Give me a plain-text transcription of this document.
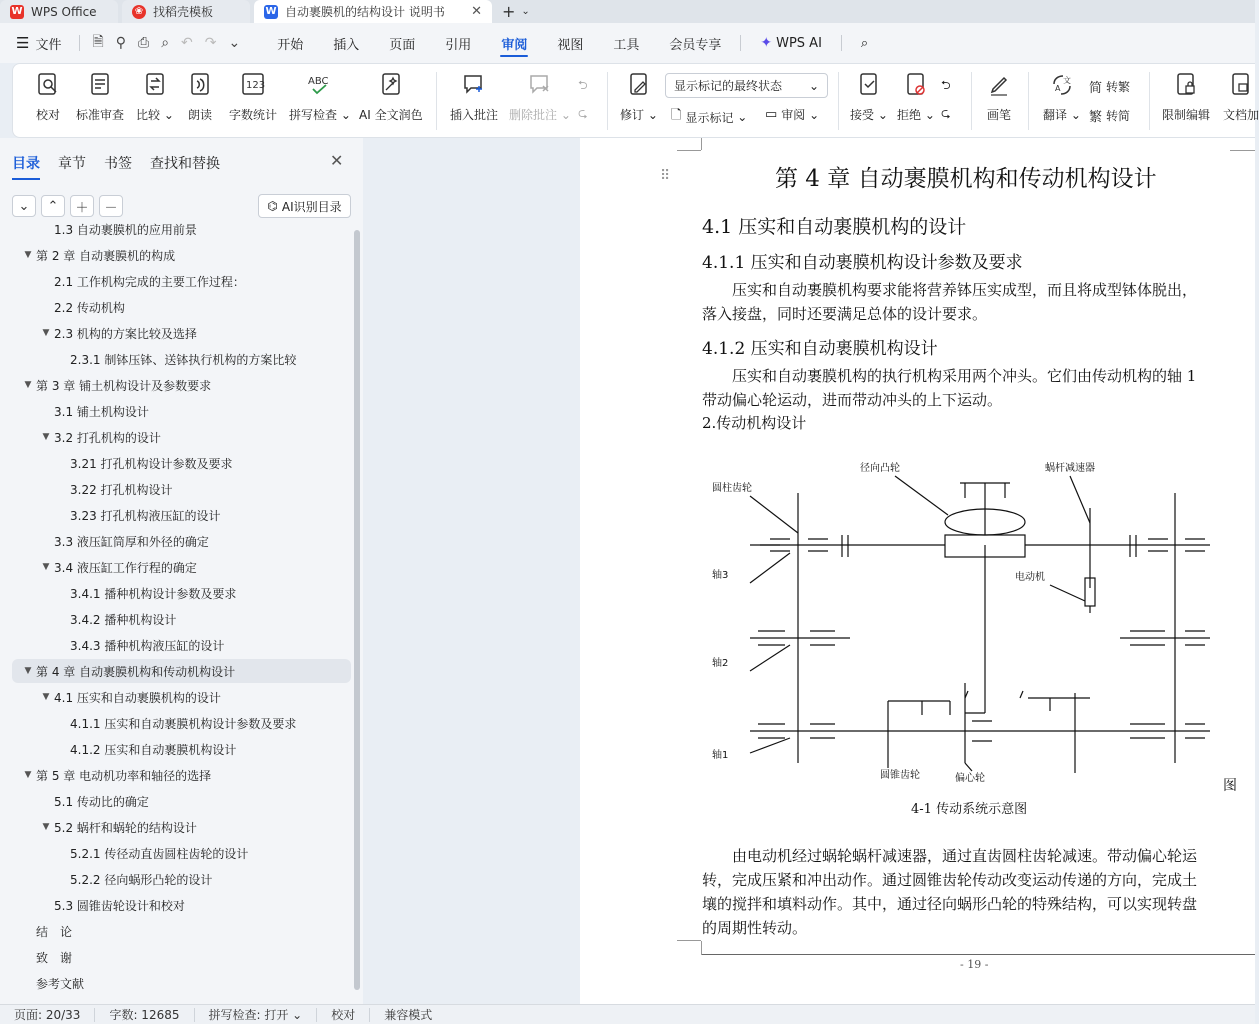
W WPS Office	❀ 找稻壳模板	W 自动裹膜机的结构设计 说明书	✕	+ ⌄
☰ 文件 🗎 ⚲ ⎙ ⌕ ↶ ↷ ⌄	开始	插入	页面	引用	审阅	视图	工具	会员专享	✦ WPS AI	⌕
校对 标准审查 比较 ⌄ 朗读
123
字数统计
ABC
拼写检查 ⌄ AI 全文润色 插入批注 删除批注 ⌄
⮌
⮎	修订 ⌄
显示标记的最终状态 ⌄
🗋 显示标记 ⌄ ▭ 审阅 ⌄	接受 ⌄ 拒绝 ⌄
⮌
⮎	画笔
A
文
翻译 ⌄
简 转繁
繁 转简	限制编辑 文档加
目录 章节 书签 查找和替换	✕
⌄	⌃	＋	－	⌬ AI识别目录
1.3 自动裹膜机的应用前景
▼ 第 2 章 自动裹膜机的构成
2.1 工作机构完成的主要工作过程：
2.2 传动机构
▼ 2.3 机构的方案比较及选择
2.3.1 制钵压钵、送钵执行机构的方案比较
▼ 第 3 章 铺土机构设计及参数要求
3.1 铺土机构设计
▼ 3.2 打孔机构的设计
3.21 打孔机构设计参数及要求
3.22 打孔机构设计
3.23 打孔机构液压缸的设计
3.3 液压缸筒厚和外径的确定
▼ 3.4 液压缸工作行程的确定
3.4.1 播种机构设计参数及要求
3.4.2 播种机构设计
3.4.3 播种机构液压缸的设计
▼ 第 4 章 自动裹膜机构和传动机构设计
▼ 4.1 压实和自动裹膜机构的设计
4.1.1 压实和自动裹膜机构设计参数及要求
4.1.2 压实和自动裹膜机构设计
▼ 第 5 章 电动机功率和轴径的选择
5.1 传动比的确定
▼ 5.2 蜗杆和蜗轮的结构设计
5.2.1 传径动直齿圆柱齿轮的设计
5.2.2 径向蜗形凸轮的设计
5.3 圆锥齿轮设计和校对
结　论
致　谢
参考文献
⠿	第 4 章 自动裹膜机构和传动机构设计
4.1 压实和自动裹膜机构的设计
4.1.1 压实和自动裹膜机构设计参数及要求
　　压实和自动裹膜机构要求能将营养钵压实成型，而且将成型钵体脱出，
落入接盘，同时还要满足总体的设计要求。
4.1.2 压实和自动裹膜机构设计
　　压实和自动裹膜机构的执行机构采用两个冲头。它们由传动机构的轴 1
带动偏心轮运动，进而带动冲头的上下运动。
2.传动机构设计
圆柱齿轮
径向凸轮	蜗杆减速器
电动机
轴3
轴2
轴1
圆锥齿轮	偏心轮	图
4-1 传动系统示意图
　　由电动机经过蜗轮蜗杆减速器，通过直齿圆柱齿轮减速。带动偏心轮运
转，完成压紧和冲出动作。通过圆锥齿轮传动改变运动传递的方向，完成土
壤的搅拌和填料动作。其中，通过径向蜗形凸轮的特殊结构，可以实现转盘
的周期性转动。
- 19 -
页面: 20/33	字数: 12685	拼写检查: 打开 ⌄	校对	兼容模式
